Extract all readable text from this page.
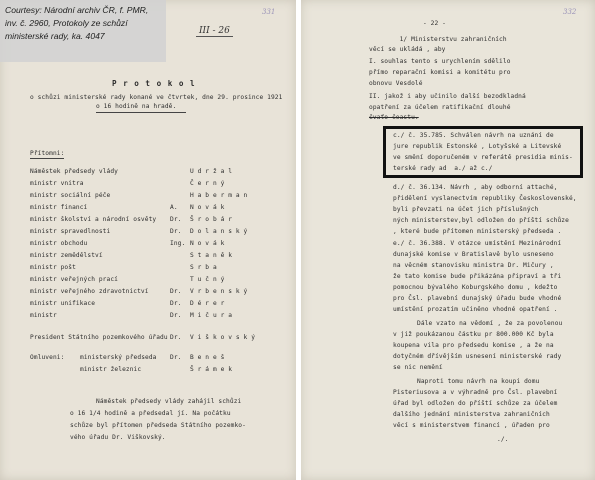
331
III - 26
P r o t o k o l
o schůzi ministerské rady konané ve čtvrtek, dne 29. prosince 1921
o 16 hodině na hradě.
Přítomni:
Náměstek předsedy vlády	U d r ž a l
ministr vnitra	Č e r n ý
ministr sociální péče	H a b e r m a n
ministr financí	A. N o v á k
ministr školství a národní osvěty Dr. Š r o b á r
ministr spravedlnosti	Dr. D o l a n s k ý
ministr obchodu	Ing. N o v á k
ministr zemědělství	S t a n ě k
ministr pošt	S r b a
ministr veřejných prací	T u č n ý
ministr veřejného zdravotnictví	Dr. V r b e n s k ý
ministr unifikace	Dr. D é r e r
ministr	Dr. M i č u r a
President Státního pozemkového úřadu Dr. V i š k o v s k ý
Omluveni:	ministerský předseda Dr. B e n e š
ministr železnic	Š r á m e k
Náměstek předsedy vlády zahájil schůzi
o 16 1/4 hodině a předsedal jí. Na počátku
schůze byl přítomen předseda Státního pozemko-
vého úřadu Dr. Viškovský.
332
- 22 -
1/ Ministerstvu zahraničních
věcí se ukládá , aby
I. souhlas tento s urychlením sdělilo
přímo reparační komisi a komitétu pro
obnovu Vesdolé
II. jakož i aby učinilo další bezodkladná
opatření za účelem ratifikační dlouhé
čvaťo čeastu.
c./ č. 35.785. Schválen návrh na uznání de
jure republik Estonské , Lotyšské a Litevské
ve smění doporučeném v referátě presidia minis-
terské rady ad  a./ až c./
d./ č. 36.134. Návrh , aby odborní attaché,
přidělení vyslanectvím republiky Československé,
byli převzati na účet jich příslušných
ných ministerstev,byl odložen do příští schůze
, které bude přítomen ministerský předseda .
e./ č. 36.388. V otázce umístění Mezinárodní
dunajské komise v Bratislavě bylo usneseno
na věcném stanovisku ministra Dr. Mičury ,
že tato komise bude přikázána připraví a tři
pomocnou bývalého Koburgského domu , kdežto
pro Čsl. plavební dunajský úřadu bude vhodné
umístění prozatím učiněno vhodné opatření .
Dále vzato na vědomí , že za povolenou
v již poukázanou částku pr 800.000 Kč byla
koupena vila pro předsedu komise , a že na
dotyčném dřívějším usnesení ministerské rady
se nic nemění
Naproti tomu návrh na koupi domu
Pisteriusova a v výhradně pro Čsl. plavební
úřad byl odložen do příští schůze za účelem
dalšího jednání ministerstva zahraničních
věcí s ministerstvem financí , úřaden pro
./.
Courtesy: Národní archiv ČR, f. PMR,
inv. č. 2960, Protokoly ze schůzí
ministerské rady, ka. 4047
